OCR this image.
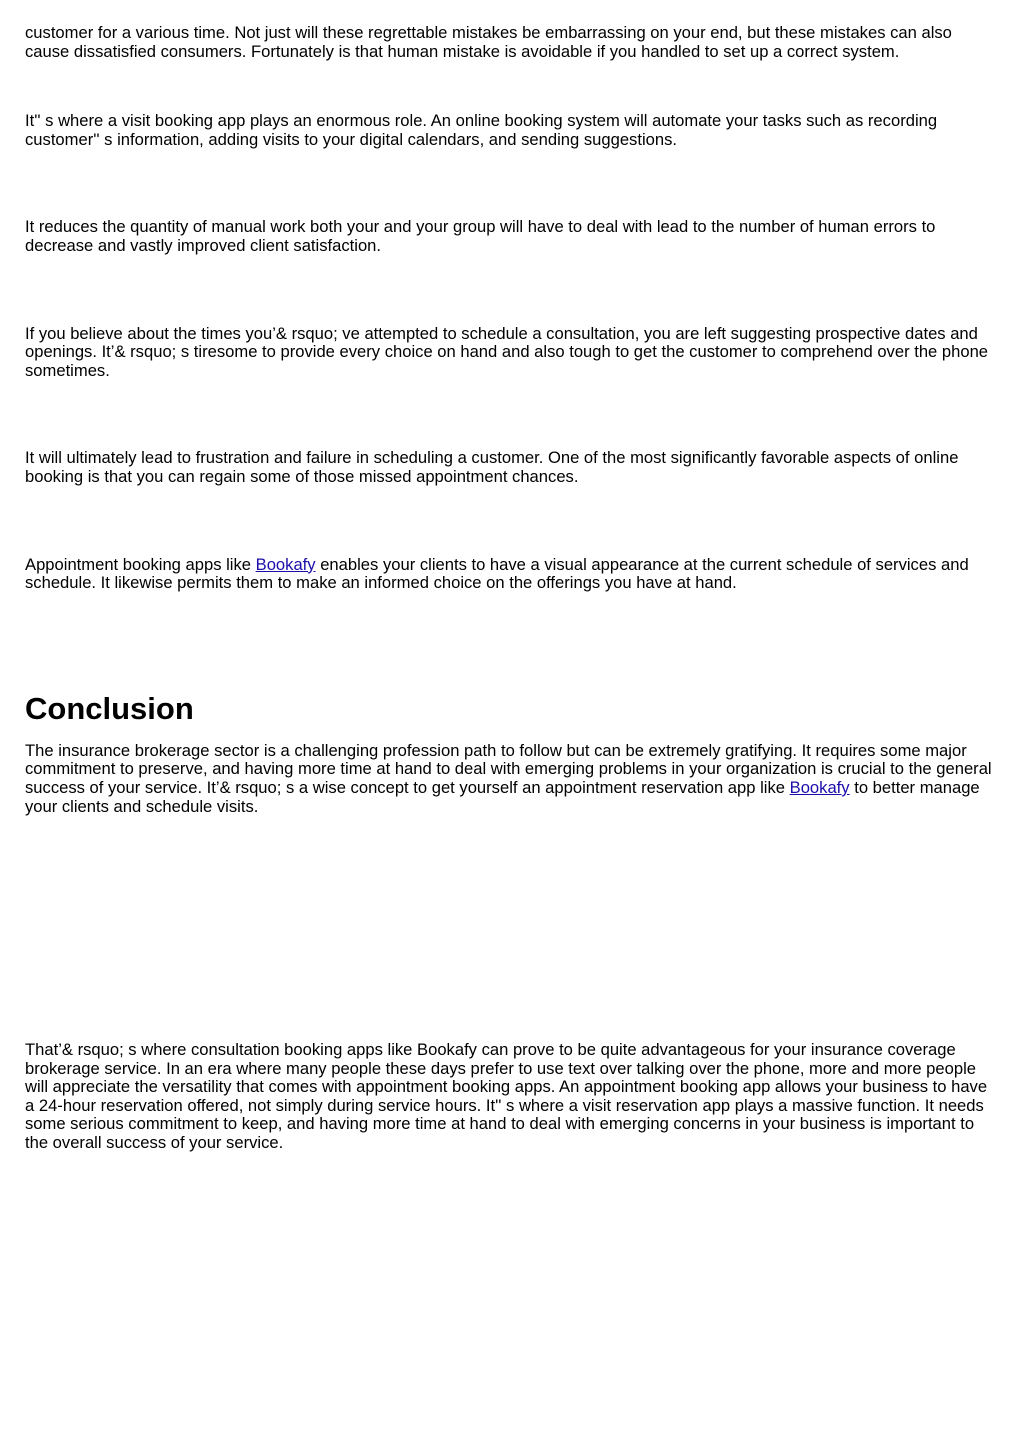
customer for a various time. Not just will these regrettable mistakes be embarrassing on your end, but these mistakes can also cause dissatisfied consumers. Fortunately is that human mistake is avoidable if you handled to set up a correct system.

It'' s where a visit booking app plays an enormous role. An online booking system will automate your tasks such as recording customer'' s information, adding visits to your digital calendars, and sending suggestions.

It reduces the quantity of manual work both your and your group will have to deal with lead to the number of human errors to decrease and vastly improved client satisfaction.

If you believe about the times you’& rsquo; ve attempted to schedule a consultation, you are left suggesting prospective dates and openings. It’& rsquo; s tiresome to provide every choice on hand and also tough to get the customer to comprehend over the phone sometimes.

It will ultimately lead to frustration and failure in scheduling a customer. One of the most significantly favorable aspects of online booking is that you can regain some of those missed appointment chances.

Appointment booking apps like Bookafy enables your clients to have a visual appearance at the current schedule of services and schedule. It likewise permits them to make an informed choice on the offerings you have at hand.

Conclusion

The insurance brokerage sector is a challenging profession path to follow but can be extremely gratifying. It requires some major commitment to preserve, and having more time at hand to deal with emerging problems in your organization is crucial to the general success of your service. It’& rsquo; s a wise concept to get yourself an appointment reservation app like Bookafy to better manage your clients and schedule visits.

That’& rsquo; s where consultation booking apps like Bookafy can prove to be quite advantageous for your insurance coverage brokerage service. In an era where many people these days prefer to use text over talking over the phone, more and more people will appreciate the versatility that comes with appointment booking apps. An appointment booking app allows your business to have a 24-hour reservation offered, not simply during service hours. It'' s where a visit reservation app plays a massive function. It needs some serious commitment to keep, and having more time at hand to deal with emerging concerns in your business is important to the overall success of your service.
